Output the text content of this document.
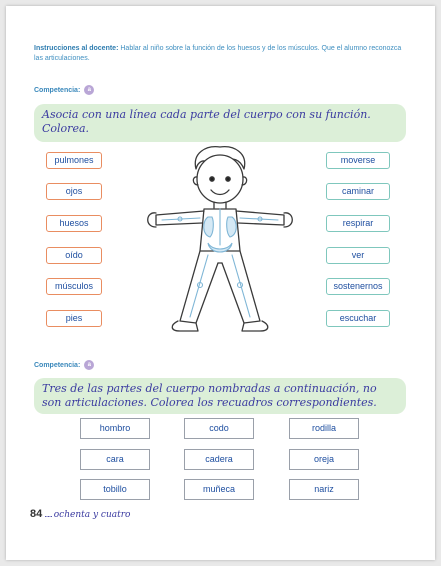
Instrucciones al docente: Hablar al niño sobre la función de los huesos y de los músculos. Que el alumno reconozca las articulaciones.
Competencia:	a
Asocia con una línea cada parte del cuerpo con su función. Colorea.
pulmones
ojos
huesos
oído
músculos
pies
moverse
caminar
respirar
ver
sostenernos
escuchar
Competencia:	a
Tres de las partes del cuerpo nombradas a continuación, no son articulaciones. Colorea los recuadros correspondientes.
hombro	codo	rodilla
cara	cadera	oreja
tobillo	muñeca	nariz
84 ..... ochenta y cuatro
